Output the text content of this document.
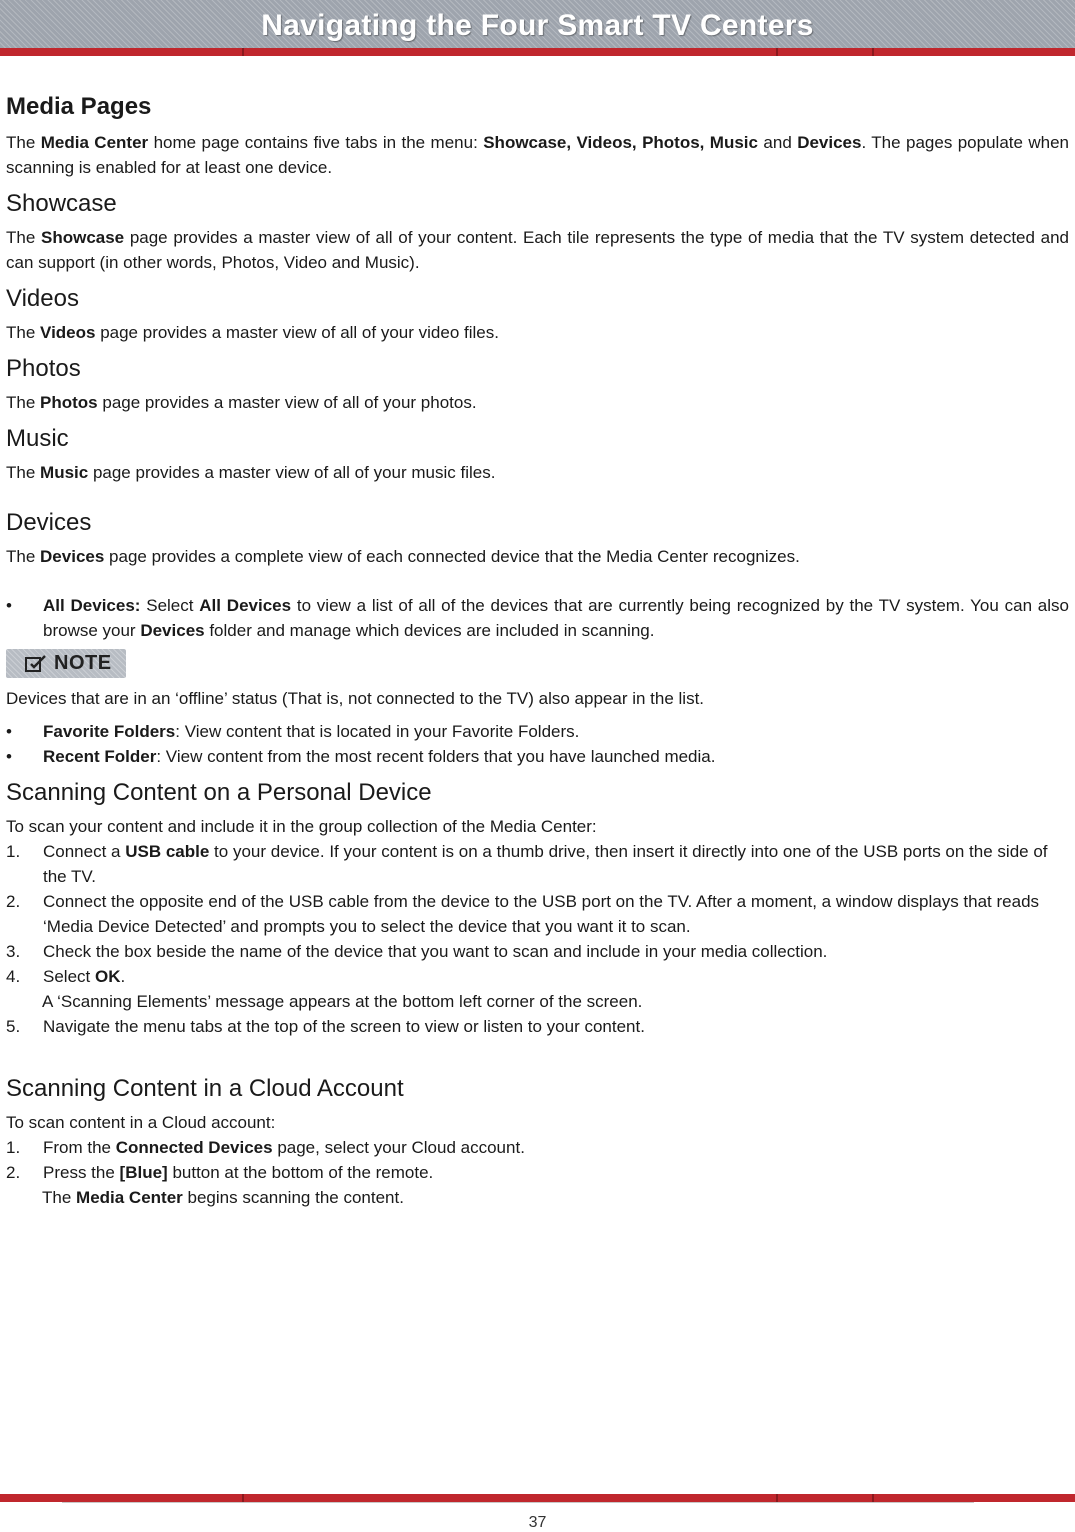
Navigating the Four Smart TV Centers
Media Pages

The Media Center home page contains five tabs in the menu: Showcase, Videos, Photos, Music and Devices. The pages populate when scanning is enabled for at least one device.

Showcase

The Showcase page provides a master view of all of your content. Each tile represents the type of media that the TV system detected and can support (in other words, Photos, Video and Music).

Videos

The Videos page provides a master view of all of your video files.

Photos

The Photos page provides a master view of all of your photos.

Music

The Music page provides a master view of all of your music files.

Devices

The Devices page provides a complete view of each connected device that the Media Center recognizes.

• All Devices: Select All Devices to view a list of all of the devices that are currently being recognized by the TV system. You can also browse your Devices folder and manage which devices are included in scanning.
NOTE

Devices that are in an ‘offline’ status (That is, not connected to the TV) also appear in the list.

• Favorite Folders: View content that is located in your Favorite Folders.
• Recent Folder: View content from the most recent folders that you have launched media.
Scanning Content on a Personal Device

To scan your content and include it in the group collection of the Media Center:

1. Connect a USB cable to your device. If your content is on a thumb drive, then insert it directly into one of the USB ports on the side of the TV.
2. Connect the opposite end of the USB cable from the device to the USB port on the TV. After a moment, a window displays that reads ‘Media Device Detected’ and prompts you to select the device that you want it to scan.
3. Check the box beside the name of the device that you want to scan and include in your media collection.
4. Select OK.
A ‘Scanning Elements’ message appears at the bottom left corner of the screen.
5. Navigate the menu tabs at the top of the screen to view or listen to your content.
Scanning Content in a Cloud Account

To scan content in a Cloud account:

1. From the Connected Devices page, select your Cloud account.
2. Press the [Blue] button at the bottom of the remote.
The Media Center begins scanning the content.
37
